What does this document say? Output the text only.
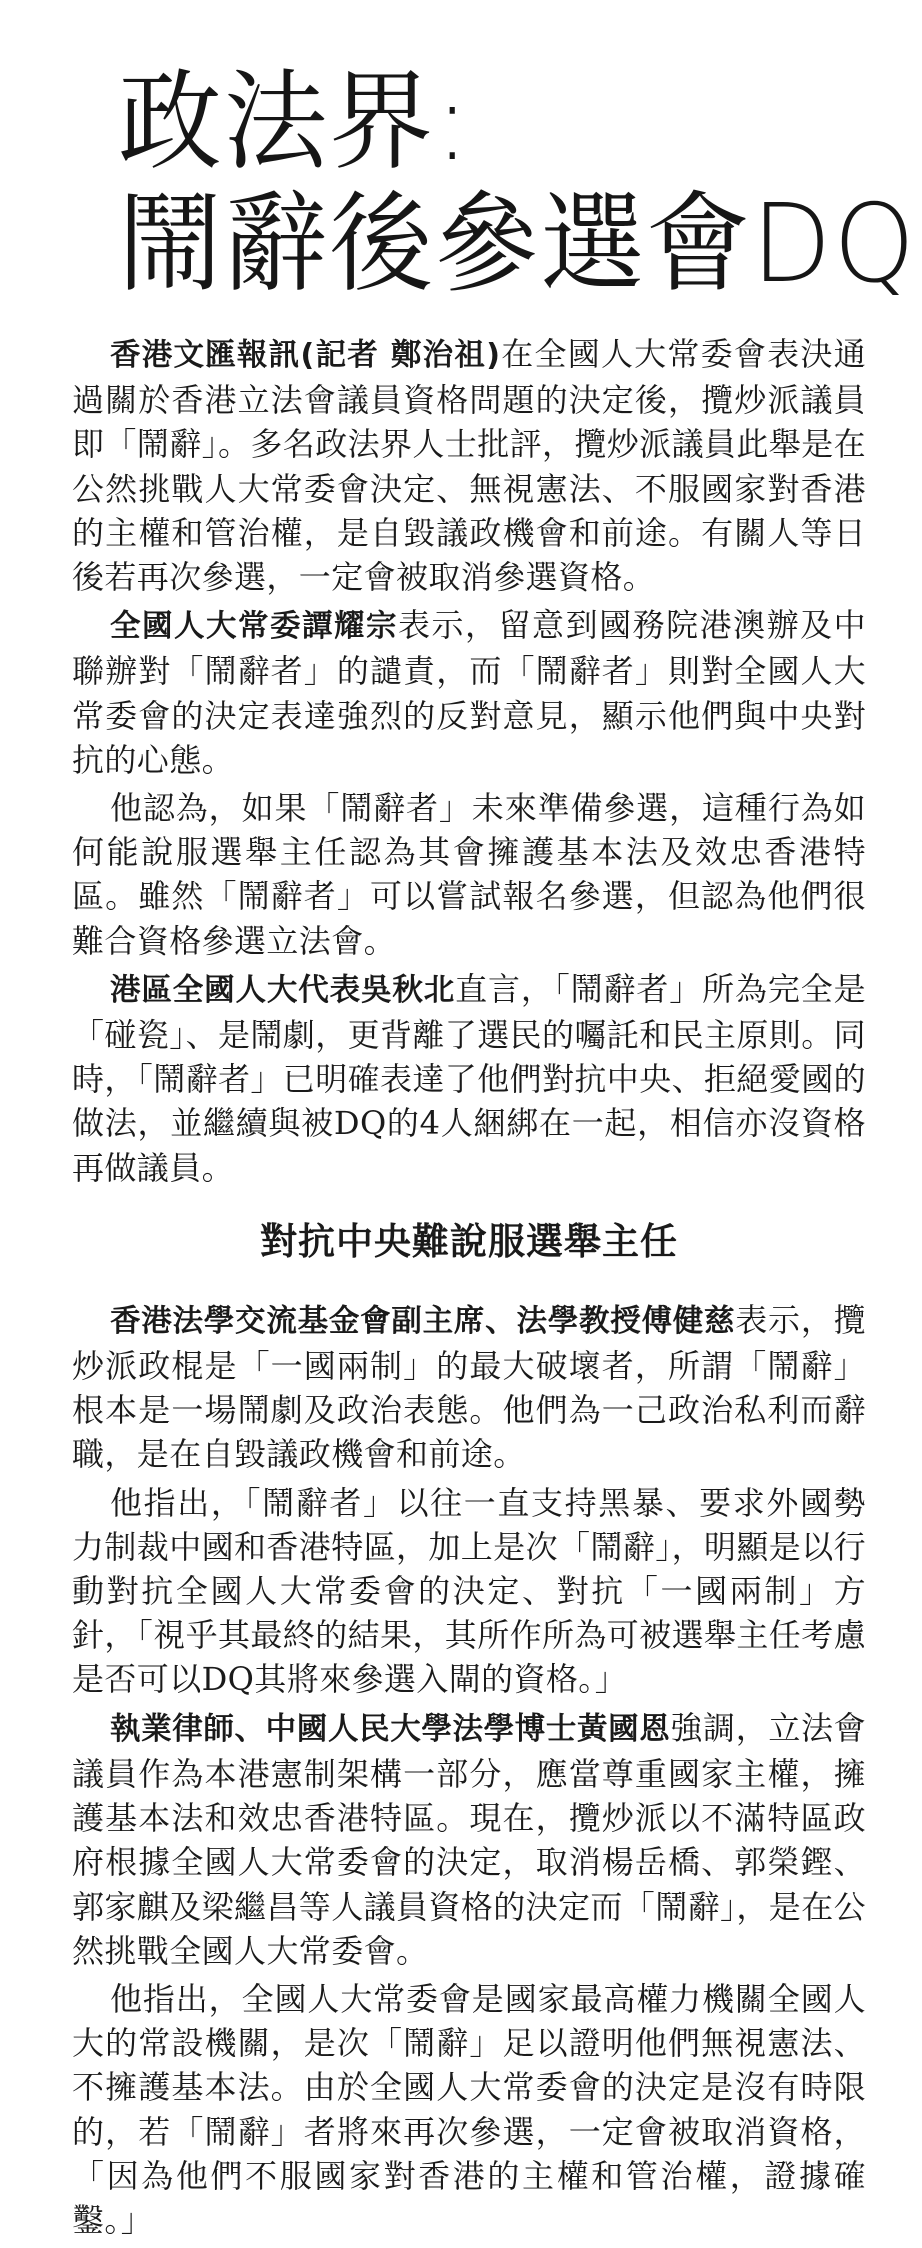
政法界:
鬧辭後參選會DQ

香港文匯報訊(記者 鄭治祖)在全國人大常委會表決通過關於香港立法會議員資格問題的決定後，攬炒派議員即「鬧辭」。多名政法界人士批評，攬炒派議員此舉是在公然挑戰人大常委會決定、無視憲法、不服國家對香港的主權和管治權，是自毀議政機會和前途。有關人等日後若再次參選，一定會被取消參選資格。

全國人大常委譚耀宗表示，留意到國務院港澳辦及中聯辦對「鬧辭者」的譴責，而「鬧辭者」則對全國人大常委會的決定表達強烈的反對意見，顯示他們與中央對抗的心態。

他認為，如果「鬧辭者」未來準備參選，這種行為如何能說服選舉主任認為其會擁護基本法及效忠香港特區。雖然「鬧辭者」可以嘗試報名參選，但認為他們很難合資格參選立法會。

港區全國人大代表吳秋北直言，「鬧辭者」所為完全是「碰瓷」、是鬧劇，更背離了選民的囑託和民主原則。同時，「鬧辭者」已明確表達了他們對抗中央、拒絕愛國的做法，並繼續與被DQ的4人綑綁在一起，相信亦沒資格再做議員。

對抗中央難說服選舉主任

香港法學交流基金會副主席、法學教授傅健慈表示，攬炒派政棍是「一國兩制」的最大破壞者，所謂「鬧辭」根本是一場鬧劇及政治表態。他們為一己政治私利而辭職，是在自毀議政機會和前途。

他指出，「鬧辭者」以往一直支持黑暴、要求外國勢力制裁中國和香港特區，加上是次「鬧辭」，明顯是以行動對抗全國人大常委會的決定、對抗「一國兩制」方針，「視乎其最終的結果，其所作所為可被選舉主任考慮是否可以DQ其將來參選入閘的資格。」

執業律師、中國人民大學法學博士黃國恩強調，立法會議員作為本港憲制架構一部分，應當尊重國家主權，擁護基本法和效忠香港特區。現在，攬炒派以不滿特區政府根據全國人大常委會的決定，取消楊岳橋、郭榮鏗、郭家麒及梁繼昌等人議員資格的決定而「鬧辭」，是在公然挑戰全國人大常委會。

他指出，全國人大常委會是國家最高權力機關全國人大的常設機關，是次「鬧辭」足以證明他們無視憲法、不擁護基本法。由於全國人大常委會的決定是沒有時限的，若「鬧辭」者將來再次參選，一定會被取消資格，「因為他們不服國家對香港的主權和管治權，證據確鑿。」
